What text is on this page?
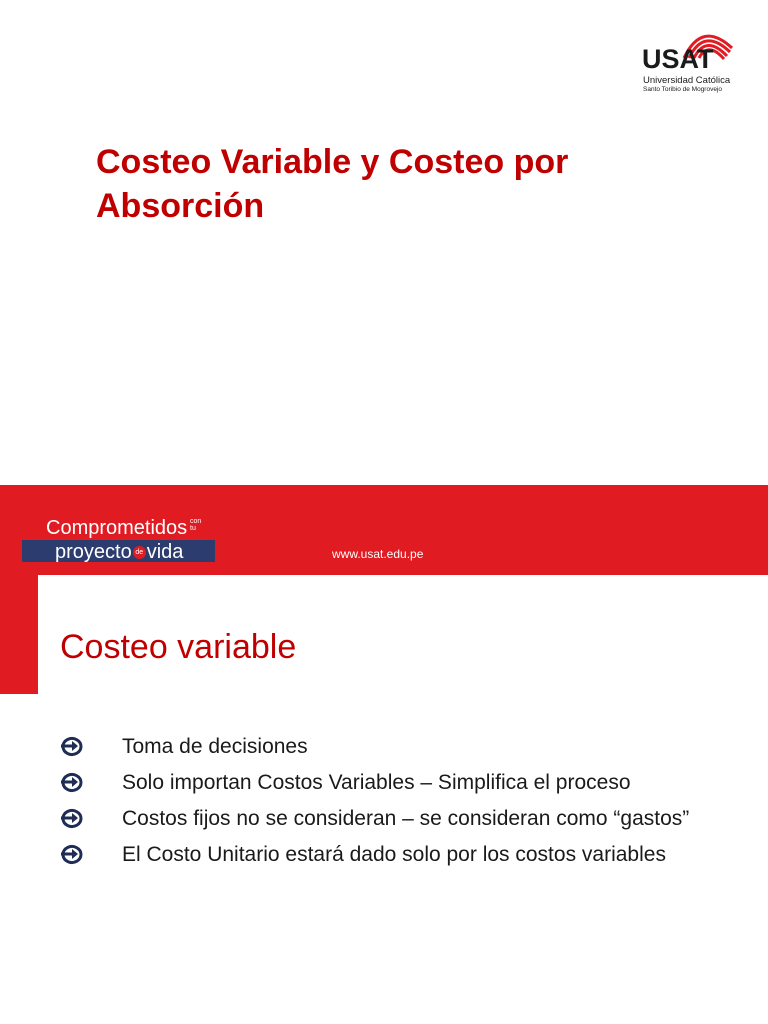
USAT
Universidad Católica
Santo Toribio de Mogrovejo
Costeo Variable y Costeo por Absorción
Comprometidos con tu
proyecto de vida	www.usat.edu.pe
Costeo variable
Toma de decisiones
Solo importan Costos Variables – Simplifica el proceso
Costos fijos no se consideran – se consideran como “gastos”
El Costo Unitario estará dado solo por los costos variables
